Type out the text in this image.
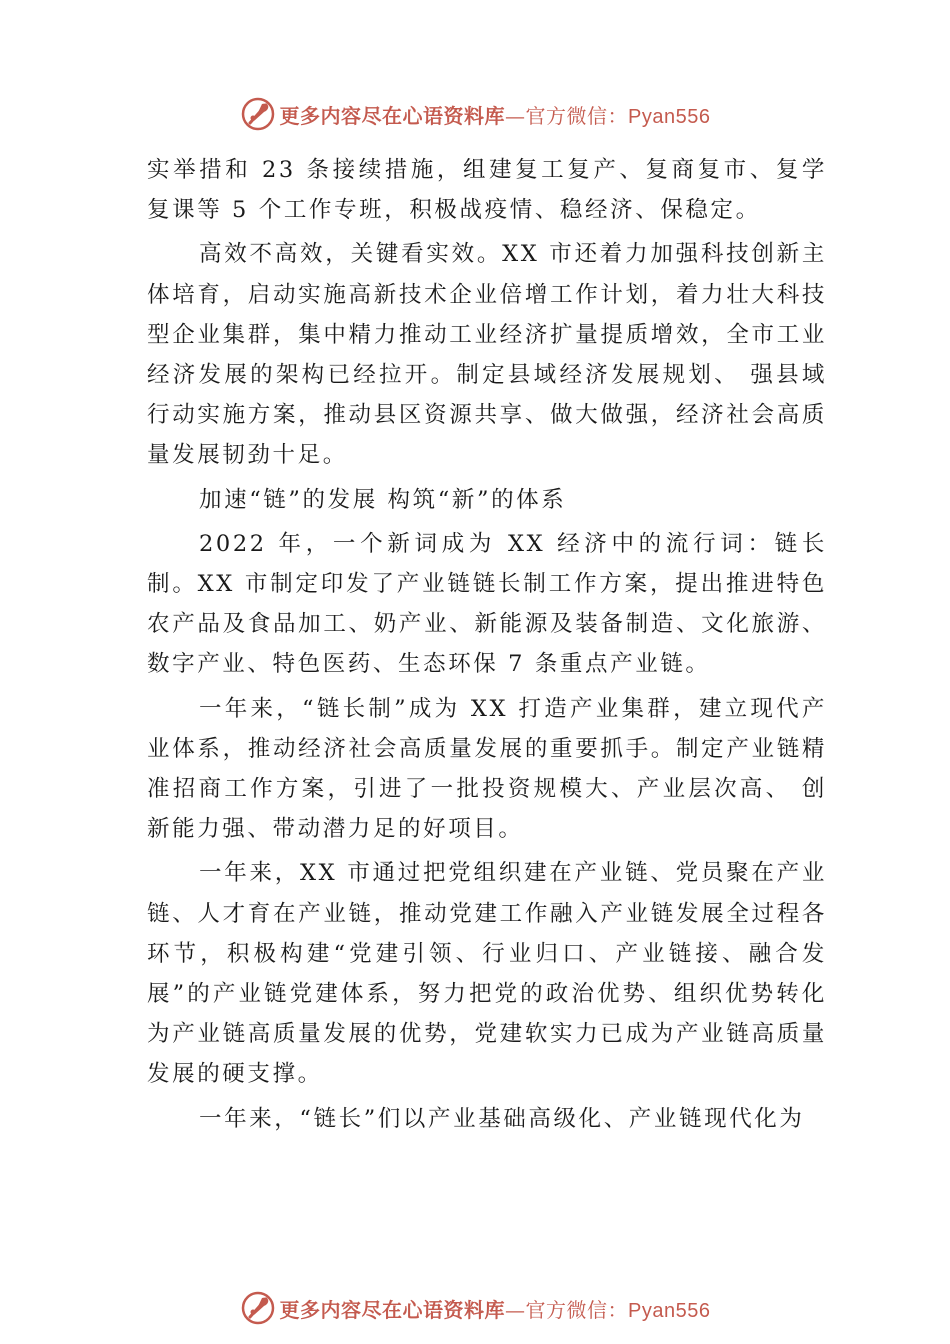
更多内容尽在心语资料库—官方微信：Pyan556

实举措和 23 条接续措施，组建复工复产、复商复市、复学复课等 5 个工作专班，积极战疫情、稳经济、保稳定。

高效不高效，关键看实效。XX 市还着力加强科技创新主体培育，启动实施高新技术企业倍增工作计划，着力壮大科技型企业集群，集中精力推动工业经济扩量提质增效，全市工业经济发展的架构已经拉开。制定县域经济发展规划、 强县域行动实施方案，推动县区资源共享、做大做强，经济社会高质量发展韧劲十足。

加速“链”的发展 构筑“新”的体系

2022 年，一个新词成为 XX 经济中的流行词：链长制。XX 市制定印发了产业链链长制工作方案，提出推进特色农产品及食品加工、奶产业、新能源及装备制造、文化旅游、 数字产业、特色医药、生态环保 7 条重点产业链。

一年来，“链长制”成为 XX 打造产业集群，建立现代产业体系，推动经济社会高质量发展的重要抓手。制定产业链精准招商工作方案，引进了一批投资规模大、产业层次高、 创新能力强、带动潜力足的好项目。

一年来，XX 市通过把党组织建在产业链、党员聚在产业链、人才育在产业链，推动党建工作融入产业链发展全过程各环节，积极构建“党建引领、行业归口、产业链接、融合发展”的产业链党建体系，努力把党的政治优势、组织优势转化为产业链高质量发展的优势，党建软实力已成为产业链高质量发展的硬支撑。

一年来，“链长”们以产业基础高级化、产业链现代化为

更多内容尽在心语资料库—官方微信：Pyan556
